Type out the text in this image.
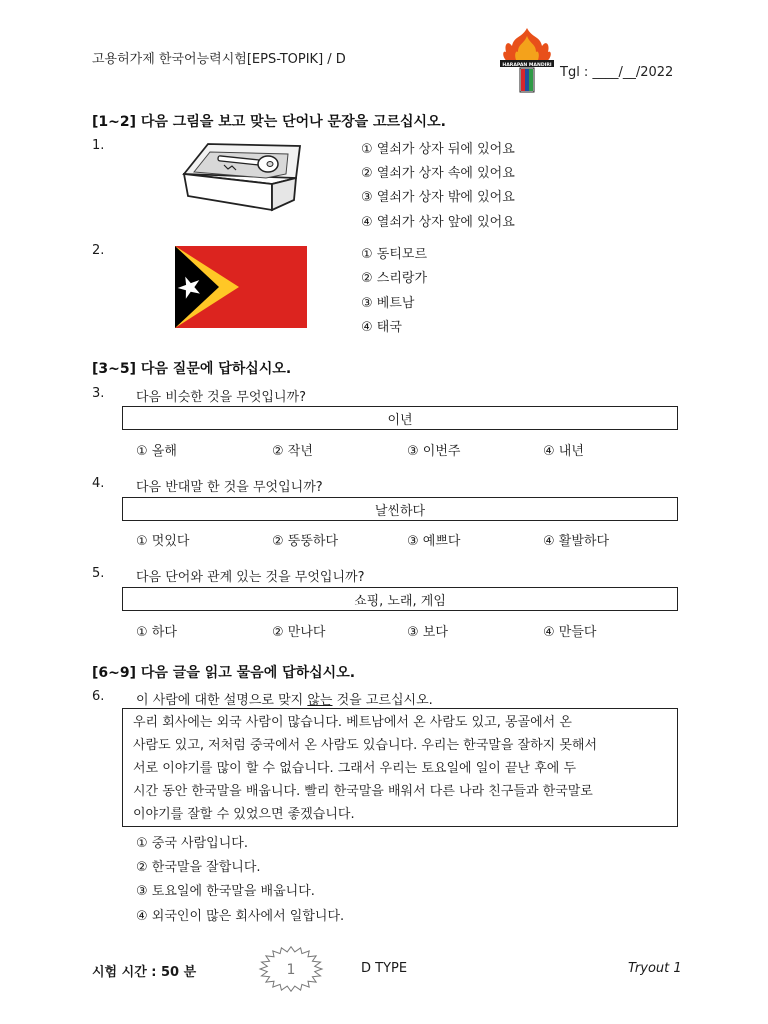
고용허가제 한국어능력시험[EPS-TOPIK] / D	HARAPAN MANDIRI Tgl : ____/__/2022
[1~2] 다음 그림을 보고 맞는 단어나 문장을 고르십시오.
1.	① 열쇠가 상자 뒤에 있어요
② 열쇠가 상자 속에 있어요
③ 열쇠가 상자 밖에 있어요
④ 열쇠가 상자 앞에 있어요
2.	① 동티모르
② 스리랑가
③ 베트남
④ 태국
[3~5] 다음 질문에 답하십시오.
3. 다음 비슷한 것을 무엇입니까?
이년
① 올해	② 작년	③ 이번주	④ 내년
4. 다음 반대말 한 것을 무엇입니까?
날씬하다
① 멋있다	② 뚱뚱하다	③ 예쁘다	④ 활발하다
5. 다음 단어와 관계 있는 것을 무엇입니까?
쇼핑, 노래, 게임
① 하다	② 만나다	③ 보다	④ 만들다
[6~9] 다음 글을 읽고 물음에 답하십시오.
6. 이 사람에 대한 설명으로 맞지 않는 것을 고르십시오.
우리 회사에는 외국 사람이 많습니다. 베트남에서 온 사람도 있고, 몽골에서 온
사람도 있고, 저처럼 중국에서 온 사람도 있습니다. 우리는 한국말을 잘하지 못해서
서로 이야기를 많이 할 수 없습니다. 그래서 우리는 토요일에 일이 끝난 후에 두
시간 동안 한국말을 배웁니다. 빨리 한국말을 배워서 다른 나라 친구들과 한국말로
이야기를 잘할 수 있었으면 좋겠습니다.
① 중국 사람입니다.
② 한국말을 잘합니다.
③ 토요일에 한국말을 배웁니다.
④ 외국인이 많은 회사에서 일합니다.
시험 시간 : 50 분	1	D TYPE	Tryout 1
